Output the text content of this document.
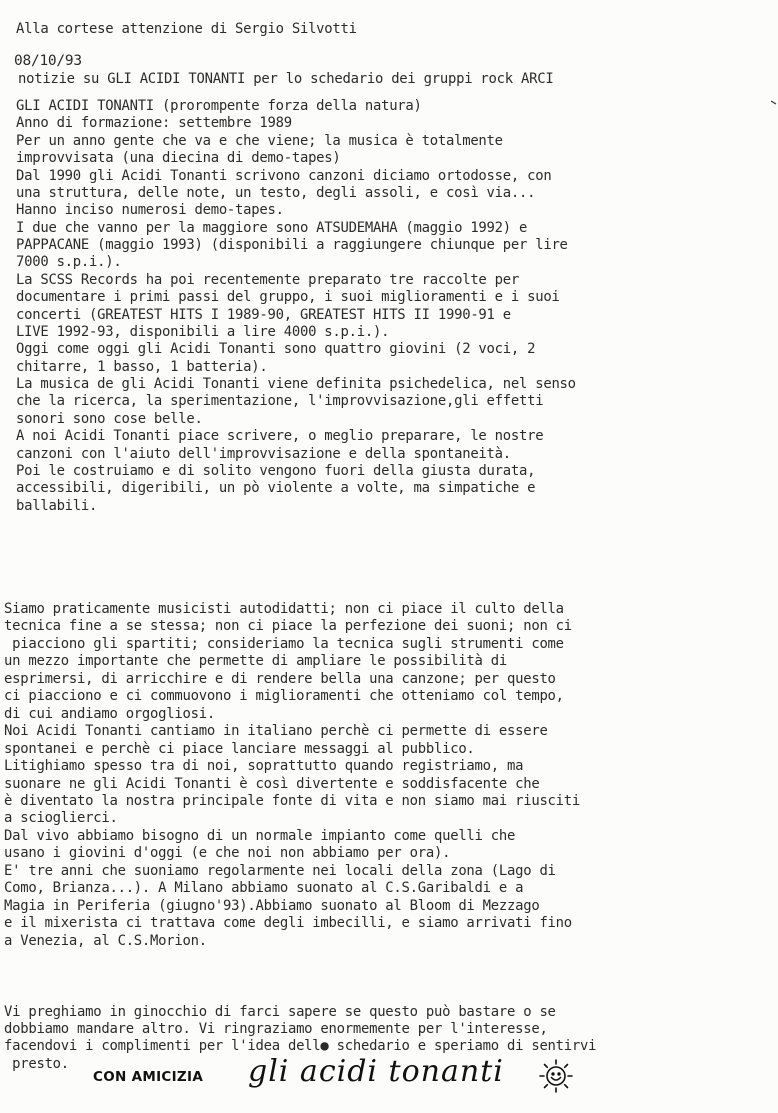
Alla cortese attenzione di Sergio Silvotti
08/10/93
notizie su GLI ACIDI TONANTI per lo schedario dei gruppi rock ARCI
GLI ACIDI TONANTI (prorompente forza della natura)
Anno di formazione: settembre 1989
Per un anno gente che va e che viene; la musica è totalmente
improvvisata (una diecina di demo-tapes)
Dal 1990 gli Acidi Tonanti scrivono canzoni diciamo ortodosse, con
una struttura, delle note, un testo, degli assoli, e così via...
Hanno inciso numerosi demo-tapes.
I due che vanno per la maggiore sono ATSUDEMAHA (maggio 1992) e
PAPPACANE (maggio 1993) (disponibili a raggiungere chiunque per lire
7000 s.p.i.).
La SCSS Records ha poi recentemente preparato tre raccolte per
documentare i primi passi del gruppo, i suoi miglioramenti e i suoi
concerti (GREATEST HITS I 1989-90, GREATEST HITS II 1990-91 e
LIVE 1992-93, disponibili a lire 4000 s.p.i.).
Oggi come oggi gli Acidi Tonanti sono quattro giovini (2 voci, 2
chitarre, 1 basso, 1 batteria).
La musica de gli Acidi Tonanti viene definita psichedelica, nel senso
che la ricerca, la sperimentazione, l'improvvisazione,gli effetti
sonori sono cose belle.
A noi Acidi Tonanti piace scrivere, o meglio preparare, le nostre
canzoni con l'aiuto dell'improvvisazione e della spontaneità.
Poi le costruiamo e di solito vengono fuori della giusta durata,
accessibili, digeribili, un pò violente a volte, ma simpatiche e
ballabili.
Siamo praticamente musicisti autodidatti; non ci piace il culto della
tecnica fine a se stessa; non ci piace la perfezione dei suoni; non ci
piacciono gli spartiti; consideriamo la tecnica sugli strumenti come
un mezzo importante che permette di ampliare le possibilità di
esprimersi, di arricchire e di rendere bella una canzone; per questo
ci piacciono e ci commuovono i miglioramenti che otteniamo col tempo,
di cui andiamo orgogliosi.
Noi Acidi Tonanti cantiamo in italiano perchè ci permette di essere
spontanei e perchè ci piace lanciare messaggi al pubblico.
Litighiamo spesso tra di noi, soprattutto quando registriamo, ma
suonare ne gli Acidi Tonanti è così divertente e soddisfacente che
è diventato la nostra principale fonte di vita e non siamo mai riusciti
a scioglierci.
Dal vivo abbiamo bisogno di un normale impianto come quelli che
usano i giovini d'oggi (e che noi non abbiamo per ora).
E' tre anni che suoniamo regolarmente nei locali della zona (Lago di
Como, Brianza...). A Milano abbiamo suonato al C.S.Garibaldi e a
Magia in Periferia (giugno'93).Abbiamo suonato al Bloom di Mezzago
e il mixerista ci trattava come degli imbecilli, e siamo arrivati fino
a Venezia, al C.S.Morion.
Vi preghiamo in ginocchio di farci sapere se questo può bastare o se
dobbiamo mandare altro. Vi ringraziamo enormemente per l'interesse,
facendovi i complimenti per l'idea dell● schedario e speriamo di sentirvi
presto.
CON AMICIZIA gli acidi tonanti
